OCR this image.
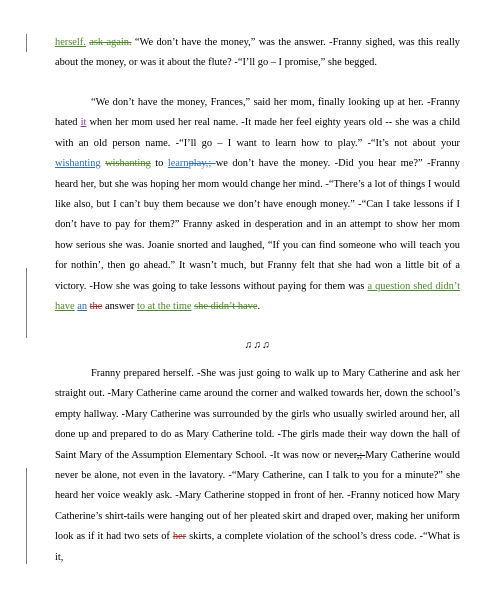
herself. ask again. “We don’t have the money,” was the answer. -Franny sighed, was this really about the money, or was it about the flute? -“I’ll go – I promise,” she begged.

“We don’t have the money, Frances,” said her mom, finally looking up at her. -Franny hated it when her mom used her real name. -It made her feel eighty years old -- she was a child with an old person name. -“I’ll go – I want to learn how to play.” -“It’s not about your wishanting wishanting to learnplay,; we don’t have the money. -Did you hear me?” -Franny heard her, but she was hoping her mom would change her mind. -“There’s a lot of things I would like also, but I can’t buy them because we don’t have enough money.” -“Can I take lessons if I don’t have to pay for them?” Franny asked in desperation and in an attempt to show her mom how serious she was. Joanie snorted and laughed, “If you can find someone who will teach you for nothin’, then go ahead.” It wasn’t much, but Franny felt that she had won a little bit of a victory. -How she was going to take lessons without paying for them was a question shed didn’t have an the answer to at the time she didn’t have.

♫♫♫

Franny prepared herself. -She was just going to walk up to Mary Catherine and ask her straight out. -Mary Catherine came around the corner and walked towards her, down the school’s empty hallway. -Mary Catherine was surrounded by the girls who usually swirled around her, all done up and prepared to do as Mary Catherine told. -The girls made their way down the hall of Saint Mary of the Assumption Elementary School. -It was now or never,; Mary Catherine would never be alone, not even in the lavatory. -“Mary Catherine, can I talk to you for a minute?” she heard her voice weakly ask. -Mary Catherine stopped in front of her. -Franny noticed how Mary Catherine’s shirt-tails were hanging out of her pleated skirt and draped over, making her uniform look as if it had two sets of her skirts, a complete violation of the school’s dress code. -“What is it,
